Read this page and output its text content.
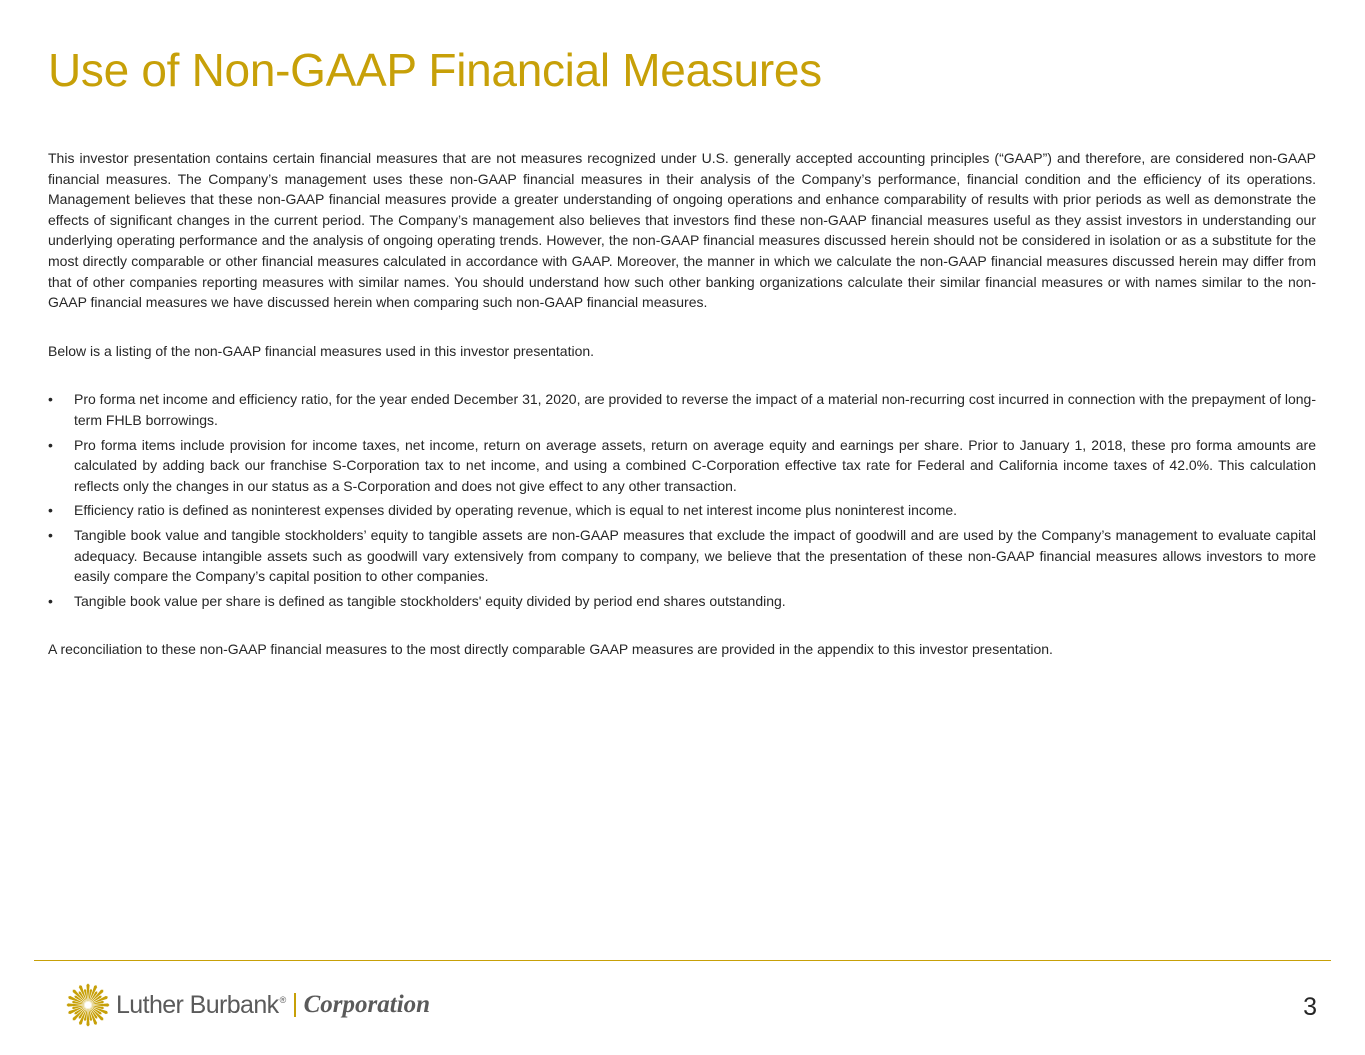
Use of Non-GAAP Financial Measures

This investor presentation contains certain financial measures that are not measures recognized under U.S. generally accepted accounting principles (“GAAP”) and therefore, are considered non-GAAP financial measures. The Company’s management uses these non-GAAP financial measures in their analysis of the Company’s performance, financial condition and the efficiency of its operations. Management believes that these non-GAAP financial measures provide a greater understanding of ongoing operations and enhance comparability of results with prior periods as well as demonstrate the effects of significant changes in the current period. The Company’s management also believes that investors find these non-GAAP financial measures useful as they assist investors in understanding our underlying operating performance and the analysis of ongoing operating trends. However, the non-GAAP financial measures discussed herein should not be considered in isolation or as a substitute for the most directly comparable or other financial measures calculated in accordance with GAAP. Moreover, the manner in which we calculate the non-GAAP financial measures discussed herein may differ from that of other companies reporting measures with similar names. You should understand how such other banking organizations calculate their similar financial measures or with names similar to the non-GAAP financial measures we have discussed herein when comparing such non-GAAP financial measures.

Below is a listing of the non-GAAP financial measures used in this investor presentation.

• Pro forma net income and efficiency ratio, for the year ended December 31, 2020, are provided to reverse the impact of a material non-recurring cost incurred in connection with the prepayment of long-term FHLB borrowings.
• Pro forma items include provision for income taxes, net income, return on average assets, return on average equity and earnings per share. Prior to January 1, 2018, these pro forma amounts are calculated by adding back our franchise S-Corporation tax to net income, and using a combined C-Corporation effective tax rate for Federal and California income taxes of 42.0%. This calculation reflects only the changes in our status as a S-Corporation and does not give effect to any other transaction.
• Efficiency ratio is defined as noninterest expenses divided by operating revenue, which is equal to net interest income plus noninterest income.
• Tangible book value and tangible stockholders’ equity to tangible assets are non-GAAP measures that exclude the impact of goodwill and are used by the Company’s management to evaluate capital adequacy. Because intangible assets such as goodwill vary extensively from company to company, we believe that the presentation of these non-GAAP financial measures allows investors to more easily compare the Company’s capital position to other companies.
• Tangible book value per share is defined as tangible stockholders' equity divided by period end shares outstanding.

A reconciliation to these non-GAAP financial measures to the most directly comparable GAAP measures are provided in the appendix to this investor presentation.

Luther Burbank® Corporation	3
